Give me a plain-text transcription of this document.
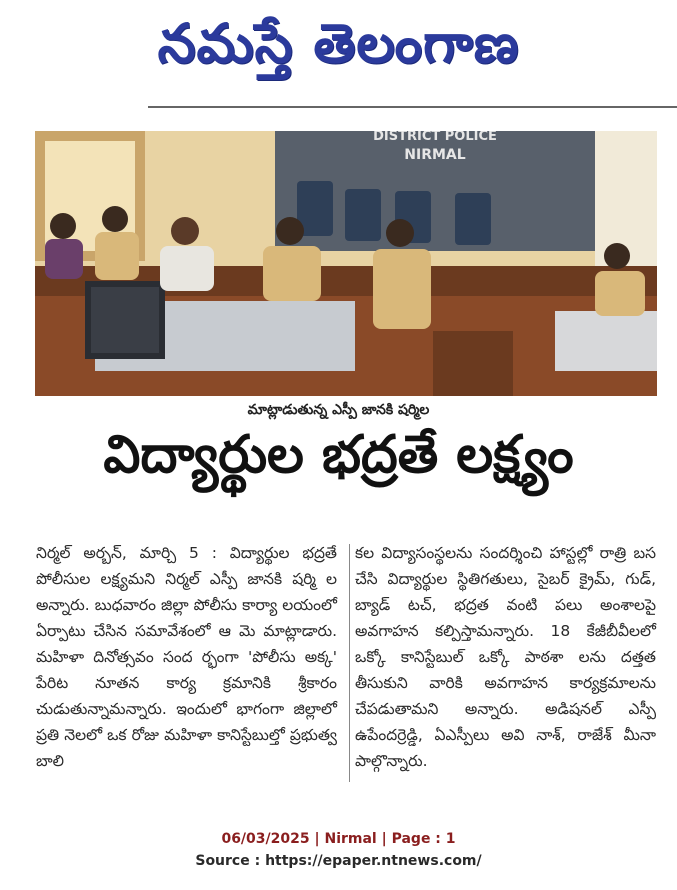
నమస్తే తెలంగాణ
DISTRICT POLICE
NIRMAL
మాట్లాడుతున్న ఎస్పీ జానకి షర్మిల
విద్యార్థుల భద్రతే లక్ష్యం
నిర్మల్ అర్బన్, మార్చి 5 : విద్యార్థుల భద్రతే పోలీసుల లక్ష్యమని నిర్మల్ ఎస్పీ జానకి షర్మి ల అన్నారు. బుధవారం జిల్లా పోలీసు కార్యా లయంలో ఏర్పాటు చేసిన సమావేశంలో ఆ మె మాట్లాడారు. మహిళా దినోత్సవం సంద ర్భంగా 'పోలీసు అక్క' పేరిట నూతన కార్య క్రమానికి శ్రీకారం చుడుతున్నామన్నారు. ఇందులో భాగంగా జిల్లాలో ప్రతి నెలలో ఒక రోజు మహిళా కానిస్టేబుల్తో ప్రభుత్వ బాలి
కల విద్యాసంస్థలను సందర్శించి హాస్టల్లో రాత్రి బస చేసి విద్యార్థుల స్థితిగతులు, సైబర్ క్రైమ్, గుడ్, బ్యాడ్ టచ్, భద్రత వంటి పలు అంశాలపై అవగాహన కల్పిస్తామన్నారు. 18 కేజీబీవీలలో ఒక్కో కానిస్టేబుల్ ఒక్కో పాఠశా లను దత్తత తీసుకుని వారికి అవగాహన కార్యక్రమాలను చేపడుతామని అన్నారు. అడిషనల్ ఎస్పీ ఉపేందర్రెడ్డి, ఏఎస్పీలు అవి నాశ్, రాజేశ్ మీనా పాల్గొన్నారు.
06/03/2025 | Nirmal | Page : 1
Source : https://epaper.ntnews.com/
